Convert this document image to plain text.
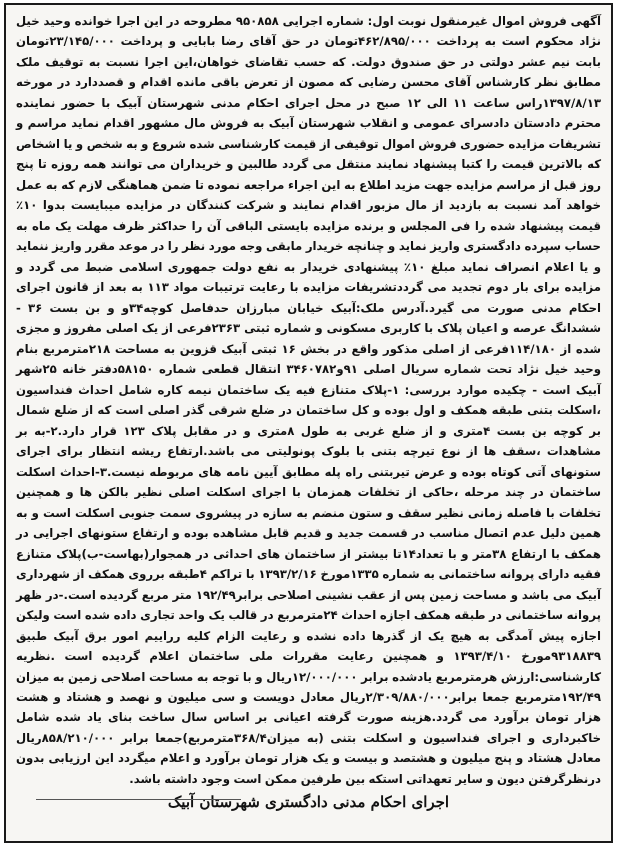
آگهی فروش اموال غیرمنقول نوبت اول: شماره اجرایی ۹۵۰۸۵۸ مطروحه در این اجرا خوانده وحید خیل نژاد محکوم است به پرداخت ۴۶۲/۸۹۵/۰۰۰تومان در حق آقای رضا بابایی و پرداخت ۲۳/۱۴۵/۰۰۰تومان بابت نیم عشر دولتی در حق صندوق دولت. که حسب تقاضای خواهان،این اجرا نسبت به توقیف ملک مطابق نظر کارشناس آقای محسن رضایی که مصون از تعرض باقی مانده اقدام و قصددارد در مورخه ۱۳۹۷/۸/۱۳راس ساعت ۱۱ الی ۱۲ صبح در محل اجرای احکام مدنی شهرستان آبیک با حضور نماینده محترم دادستان دادسرای عمومی و انقلاب شهرستان آبیک به فروش مال مشهور اقدام نماید مراسم و تشریفات مزایده حضوری فروش اموال توقیفی از قیمت کارشناسی شده شروع و به شخص و یا اشخاص که بالاترین قیمت را کتبا پیشنهاد نمایند منتقل می گردد طالبین و خریداران می توانند همه روزه تا پنج روز قبل از مراسم مزایده جهت مزید اطلاع به این اجراء مراجعه نموده تا ضمن هماهنگی لازم که به عمل خواهد آمد نسبت به بازدید از مال مزبور اقدام نمایند و شرکت کنندگان در مزایده میبایست بدوا ۱۰٪ قیمت پیشنهاد شده را فی المجلس و برنده مزایده بایستی الباقی آن را حداکثر ظرف مهلت یک ماه به حساب سپرده دادگستری واریز نماید و چنانچه خریدار مابقی وجه مورد نظر را در موعد مقرر واریز ننماید و یا اعلام انصراف نماید مبلغ ۱۰٪ پیشنهادی خریدار به نفع دولت جمهوری اسلامی ضبط می گردد و مزایده برای بار دوم تجدید می گرددتشریفات مزایده با رعایت ترتیبات مواد ۱۱۳ به بعد از قانون اجرای احکام مدنی صورت می گیرد.آدرس ملک:آبیک خیابان مبارزان حدفاصل کوچه۳۴و و بن بست ۳۶ - ششدانگ عرصه و اعیان پلاک با کاربری مسکونی و شماره ثبتی ۲۳۶۳فرعی از یک اصلی مفروز و مجزی شده از ۱۱۴/۱۸۰فرعی از اصلی مذکور واقع در بخش ۱۶ ثبتی آبیک قزوین به مساحت ۲۱۸مترمربع بنام وحید خیل نژاد تحت شماره سریال اصلی ۹۱و۳۴۶۰۷۸۲ انتقال قطعی شماره ۵۸۱۵۰دفتر خانه ۲۵شهر آبیک است - چکیده موارد بررسی: ۱-پلاک متنازع فیه یک ساختمان نیمه کاره شامل احداث فنداسیون ،اسکلت بتنی طبقه همکف و اول بوده و کل ساختمان در ضلع شرقی گذر اصلی است که از ضلع شمال بر کوچه بن بست ۴متری و از ضلع غربی به طول ۸متری و در مقابل پلاک ۱۲۳ قرار دارد.۲-به بر مشاهدات ،سقف ها از نوع تیرچه بتنی با بلوک پونولیتی می باشد.ارتفاع ریشه انتظار برای اجرای ستونهای آتی کوتاه بوده و عرض تیربتنی راه پله مطابق آیین نامه های مربوطه نیست.۳-احداث اسکلت ساختمان در چند مرحله ،حاکی از تخلفات همزمان با اجرای اسکلت اصلی نظیر بالکن ها و همچنین تخلفات با فاصله زمانی نظیر سقف و ستون منضم به سازه در پیشروی سمت جنوبی اسکلت است و به همین دلیل عدم اتصال مناسب در قسمت جدید و قدیم قابل مشاهده بوده و ارتفاع ستونهای اجرایی در همکف با ارتفاع ۳۸متر و با تعداد۱۴تا بیشتر از ساختمان های احداثی در همجوار(بهاست-ب)پلاک متنازع فقیه دارای پروانه ساختمانی به شماره ۱۳۳۵مورخ ۱۳۹۳/۲/۱۶ با تراکم ۴طبقه برروی همکف از شهرداری آبیک می باشد و مساحت زمین پس از عقب نشینی اصلاحی برابر۱۹۲/۴۹ متر مربع گردیده است.-در ظهر پروانه ساختمانی در طبقه همکف اجازه احداث ۲۴مترمربع در قالب یک واحد تجاری داده شده است ولیکن اجازه پیش آمدگی به هیچ یک از گذرها داده نشده و رعایت الزام کلیه رراییم امور برق آبیک طبیق ۹۳۱۸۸۳۹مورخ ۱۳۹۳/۴/۱۰ و همچنین رعایت مقررات ملی ساختمان اعلام گردیده است .نظریه کارشناسی:ارزش هرمترمربع یادشده برابر ۱۲/۰۰۰/۰۰۰ریال و با توجه به مساحت اصلاحی زمین به میزان ۱۹۲/۴۹مترمربع جمعا برابر۲/۳۰۹/۸۸۰/۰۰۰ریال معادل دویست و سی میلیون و نهصد و هشتاد و هشت هزار تومان برآورد می گردد.هزینه صورت گرفته اعیانی بر اساس سال ساخت بنای یاد شده شامل خاکبرداری و اجرای فنداسیون و اسکلت بتنی (به میزان۳۶۸/۴مترمربع)جمعا برابر ۸۵۸/۲۱۰/۰۰۰ریال معادل هشتاد و پنج میلیون و هشتصد و بیست و یک هزار تومان برآورد و اعلام میگردد این ارزیابی بدون درنظرگرفتن دیون و سایر تعهداتی استکه بین طرفین ممکن است وجود داشته باشد.

اجرای احکام مدنی دادگستری شهرستان آبیک
